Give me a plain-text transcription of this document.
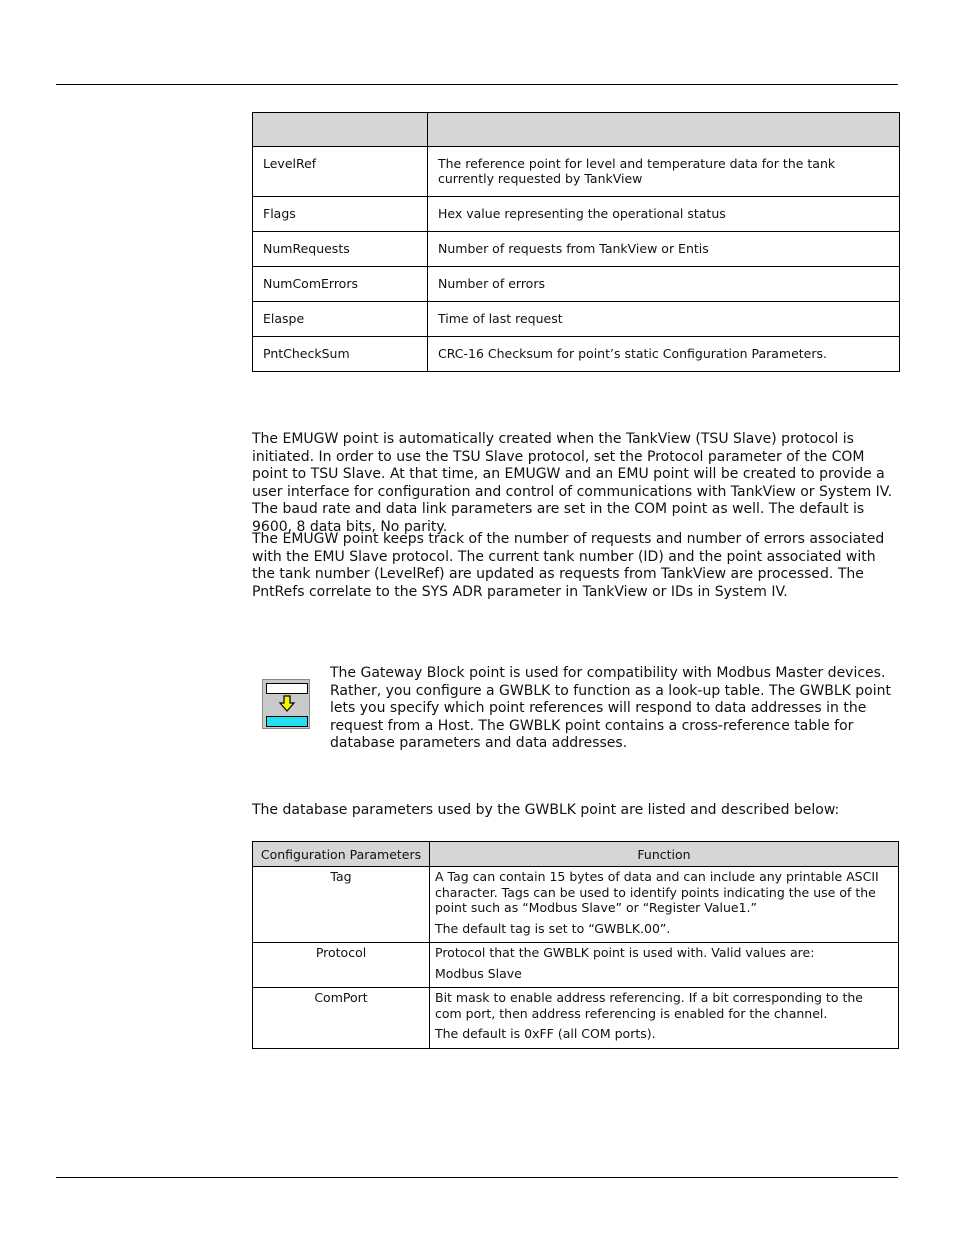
LevelRef	The reference point for level and temperature data for the tank currently requested by TankView
Flags	Hex value representing the operational status
NumRequests	Number of requests from TankView or Entis
NumComErrors	Number of errors
Elaspe	Time of last request
PntCheckSum	CRC-16 Checksum for point’s static Configuration Parameters.

The EMUGW point is automatically created when the TankView (TSU Slave) protocol is initiated. In order to use the TSU Slave protocol, set the Protocol parameter of the COM point to TSU Slave. At that time, an EMUGW and an EMU point will be created to provide a user interface for configuration and control of communications with TankView or System IV. The baud rate and data link parameters are set in the COM point as well. The default is 9600, 8 data bits, No parity.

The EMUGW point keeps track of the number of requests and number of errors associated with the EMU Slave protocol. The current tank number (ID) and the point associated with the tank number (LevelRef) are updated as requests from TankView are processed. The PntRefs correlate to the SYS ADR parameter in TankView or IDs in System IV.

The Gateway Block point is used for compatibility with Modbus Master devices. Rather, you configure a GWBLK to function as a look-up table. The GWBLK point lets you specify which point references will respond to data addresses in the request from a Host. The GWBLK point contains a cross-reference table for database parameters and data addresses.

The database parameters used by the GWBLK point are listed and described below:

Configuration Parameters	Function
Tag	A Tag can contain 15 bytes of data and can include any printable ASCII character. Tags can be used to identify points indicating the use of the point such as “Modbus Slave” or “Register Value1.”

The default tag is set to “GWBLK.00”.

Protocol	Protocol that the GWBLK point is used with. Valid values are:

Modbus Slave

ComPort	Bit mask to enable address referencing. If a bit corresponding to the com port, then address referencing is enabled for the channel.

The default is 0xFF (all COM ports).
